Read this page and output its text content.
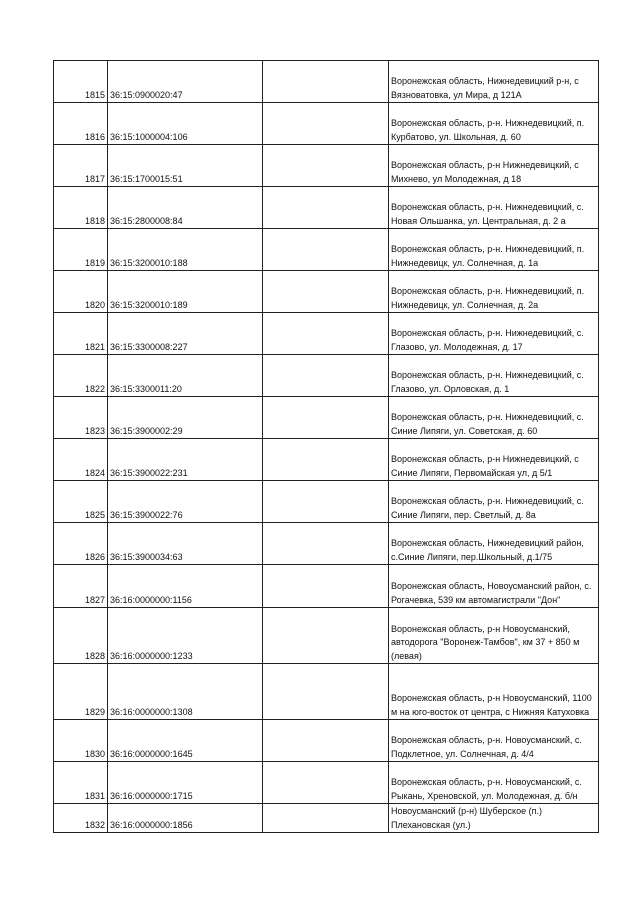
1815	36:15:0900020:47		Воронежская область, Нижнедевицкий р-н, с Вязноватовка, ул Мира, д 121А
1816	36:15:1000004:106		Воронежская область, р-н. Нижнедевицкий, п. Курбатово, ул. Школьная, д. 60
1817	36:15:1700015:51		Воронежская область, р-н Нижнедевицкий, с Михнево, ул Молодежная, д 18
1818	36:15:2800008:84		Воронежская область, р-н. Нижнедевицкий, с. Новая Ольшанка, ул. Центральная, д. 2 а
1819	36:15:3200010:188		Воронежская область, р-н. Нижнедевицкий, п. Нижнедевицк, ул. Солнечная, д. 1а
1820	36:15:3200010:189		Воронежская область, р-н. Нижнедевицкий, п. Нижнедевицк, ул. Солнечная, д. 2а
1821	36:15:3300008:227		Воронежская область, р-н. Нижнедевицкий, с. Глазово, ул. Молодежная, д. 17
1822	36:15:3300011:20		Воронежская область, р-н. Нижнедевицкий, с. Глазово, ул. Орловская, д. 1
1823	36:15:3900002:29		Воронежская область, р-н. Нижнедевицкий, с. Синие Липяги, ул. Советская, д. 60
1824	36:15:3900022:231		Воронежская область, р-н Нижнедевицкий, с Синие Липяги, Первомайская ул, д 5/1
1825	36:15:3900022:76		Воронежская область, р-н. Нижнедевицкий, с. Синие Липяги, пер. Светлый, д. 8а
1826	36:15:3900034:63		Воронежская область, Нижнедевицкий район, с.Синие Липяги, пер.Школьный, д.1/75
1827	36:16:0000000:1156		Воронежская область, Новоусманский район, с. Рогачевка, 539 км автомагистрали "Дон"
1828	36:16:0000000:1233		Воронежская область, р-н Новоусманский, автодорога "Воронеж-Тамбов", км 37 + 850 м (левая)
1829	36:16:0000000:1308		Воронежская область, р-н Новоусманский, 1100 м на юго-восток от центра, с Нижняя Катуховка
1830	36:16:0000000:1645		Воронежская область, р-н. Новоусманский, с. Подклетное, ул. Солнечная, д. 4/4
1831	36:16:0000000:1715		Воронежская область, р-н. Новоусманский, с. Рыкань, Хреновской, ул. Молодежная, д. б/н
1832	36:16:0000000:1856		Новоусманский (р-н) Шуберское (п.) Плехановская (ул.)
